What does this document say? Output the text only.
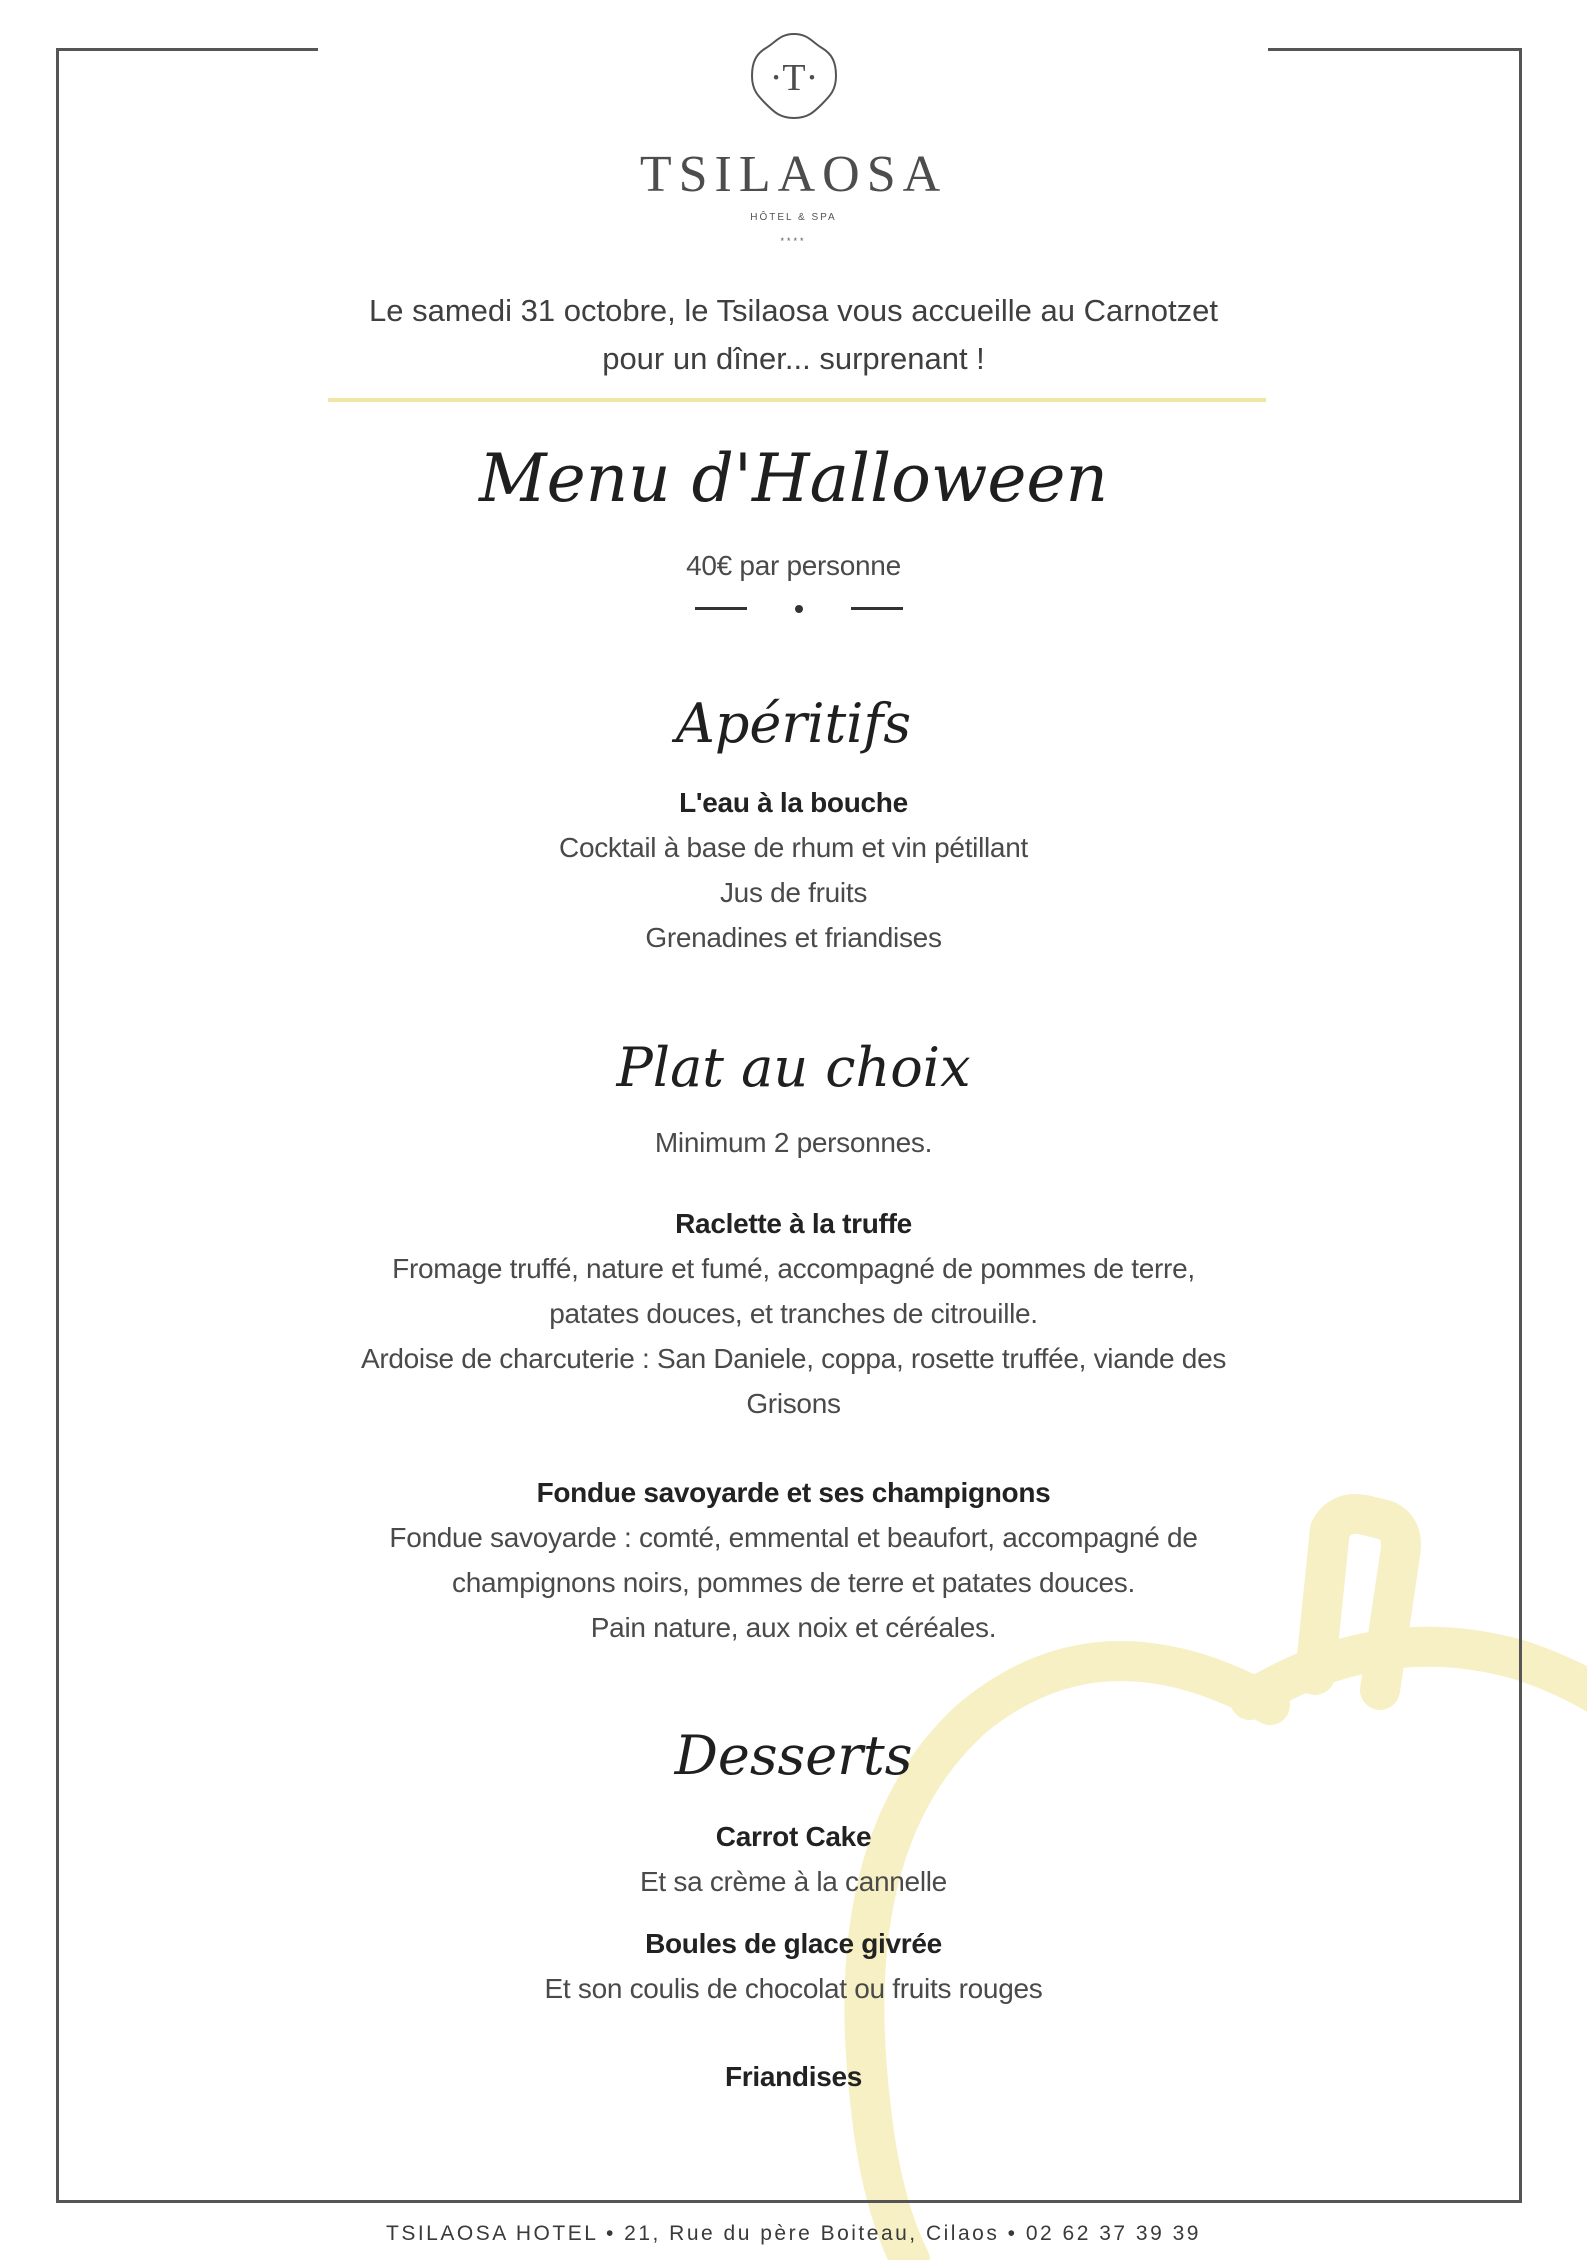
·T·
TSILAOSA
HÔTEL & SPA
****
Le samedi 31 octobre, le Tsilaosa vous accueille au Carnotzet
pour un dîner... surprenant !
Menu d'Halloween
40€ par personne
Apéritifs
L'eau à la bouche
Cocktail à base de rhum et vin pétillant
Jus de fruits
Grenadines et friandises
Plat au choix
Minimum 2 personnes.
Raclette à la truffe
Fromage truffé, nature et fumé, accompagné de pommes de terre,
patates douces, et tranches de citrouille.
Ardoise de charcuterie : San Daniele, coppa, rosette truffée, viande des
Grisons
Fondue savoyarde et ses champignons
Fondue savoyarde : comté, emmental et beaufort, accompagné de
champignons noirs, pommes de terre et patates douces.
Pain nature, aux noix et céréales.
Desserts
Carrot Cake
Et sa crème à la cannelle
Boules de glace givrée
Et son coulis de chocolat ou fruits rouges
Friandises
TSILAOSA HOTEL • 21, Rue du père Boiteau, Cilaos • 02 62 37 39 39
